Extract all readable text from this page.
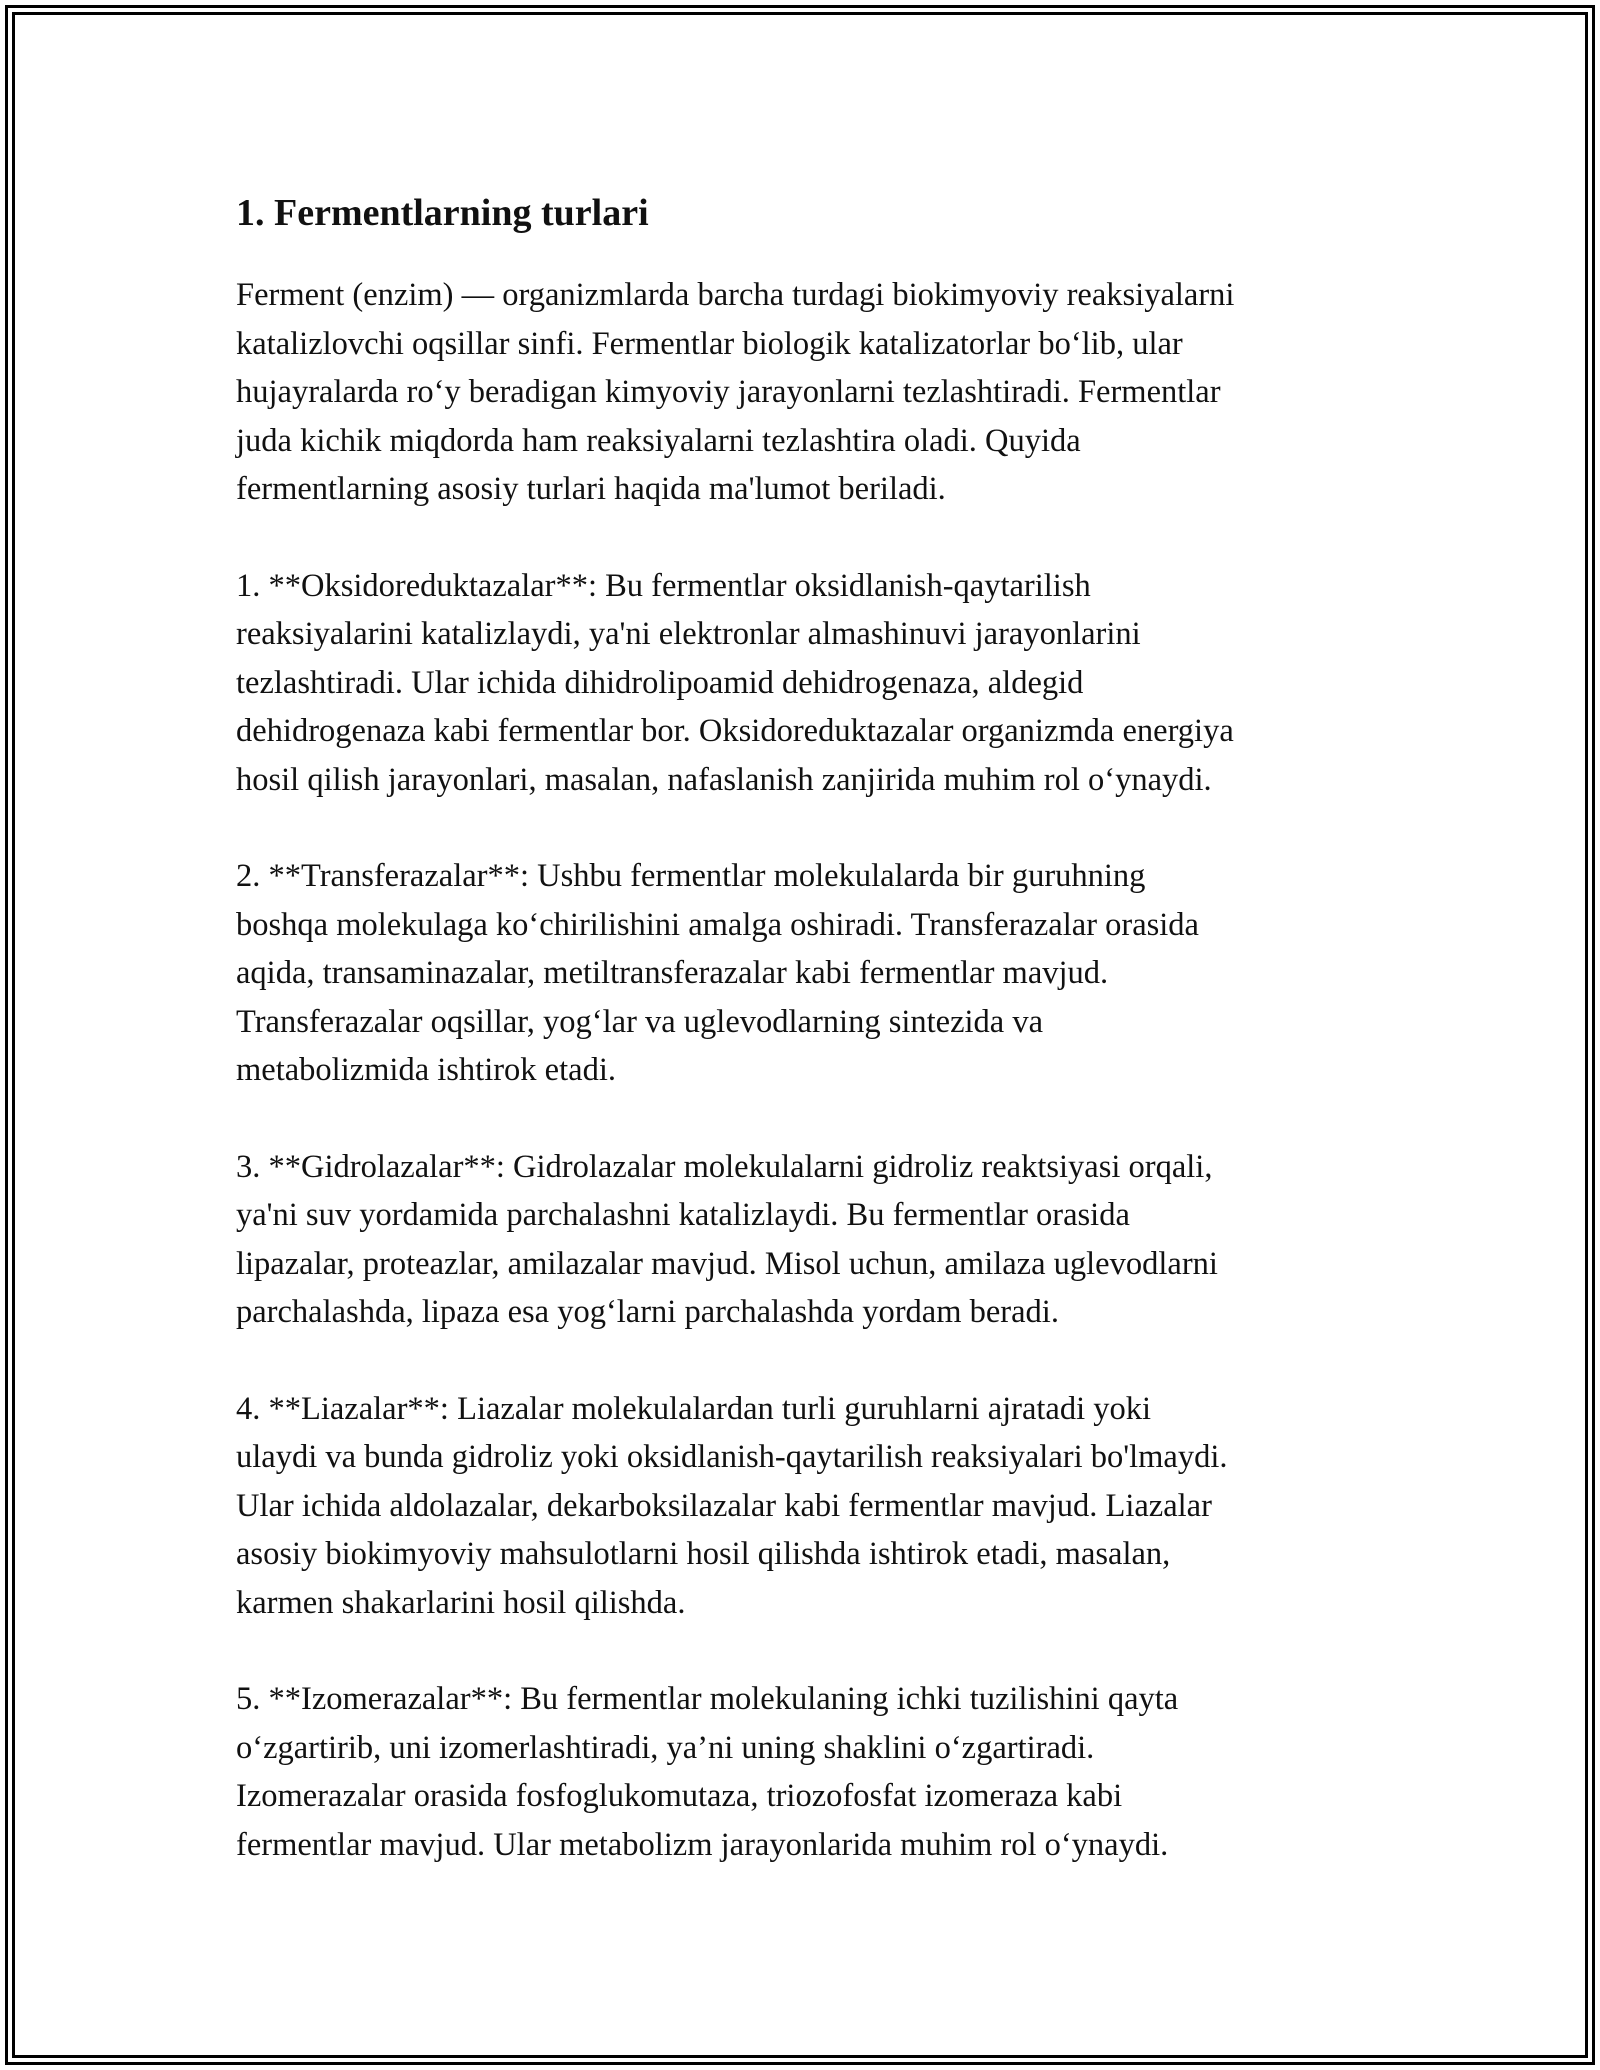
1. Fermentlarning turlari

Ferment (enzim) — organizmlarda barcha turdagi biokimyoviy reaksiyalarni
katalizlovchi oqsillar sinfi. Fermentlar biologik katalizatorlar bo‘lib, ular
hujayralarda ro‘y beradigan kimyoviy jarayonlarni tezlashtiradi. Fermentlar
juda kichik miqdorda ham reaksiyalarni tezlashtira oladi. Quyida
fermentlarning asosiy turlari haqida ma'lumot beriladi.

1. **Oksidoreduktazalar**: Bu fermentlar oksidlanish-qaytarilish
reaksiyalarini katalizlaydi, ya'ni elektronlar almashinuvi jarayonlarini
tezlashtiradi. Ular ichida dihidrolipoamid dehidrogenaza, aldegid
dehidrogenaza kabi fermentlar bor. Oksidoreduktazalar organizmda energiya
hosil qilish jarayonlari, masalan, nafaslanish zanjirida muhim rol o‘ynaydi.

2. **Transferazalar**: Ushbu fermentlar molekulalarda bir guruhning
boshqa molekulaga ko‘chirilishini amalga oshiradi. Transferazalar orasida
aqida, transaminazalar, metiltransferazalar kabi fermentlar mavjud.
Transferazalar oqsillar, yog‘lar va uglevodlarning sintezida va
metabolizmida ishtirok etadi.

3. **Gidrolazalar**: Gidrolazalar molekulalarni gidroliz reaktsiyasi orqali,
ya'ni suv yordamida parchalashni katalizlaydi. Bu fermentlar orasida
lipazalar, proteazlar, amilazalar mavjud. Misol uchun, amilaza uglevodlarni
parchalashda, lipaza esa yog‘larni parchalashda yordam beradi.

4. **Liazalar**: Liazalar molekulalardan turli guruhlarni ajratadi yoki
ulaydi va bunda gidroliz yoki oksidlanish-qaytarilish reaksiyalari bo'lmaydi.
Ular ichida aldolazalar, dekarboksilazalar kabi fermentlar mavjud. Liazalar
asosiy biokimyoviy mahsulotlarni hosil qilishda ishtirok etadi, masalan,
karmen shakarlarini hosil qilishda.

5. **Izomerazalar**: Bu fermentlar molekulaning ichki tuzilishini qayta
o‘zgartirib, uni izomerlashtiradi, ya’ni uning shaklini o‘zgartiradi.
Izomerazalar orasida fosfoglukomutaza, triozofosfat izomeraza kabi
fermentlar mavjud. Ular metabolizm jarayonlarida muhim rol o‘ynaydi.
